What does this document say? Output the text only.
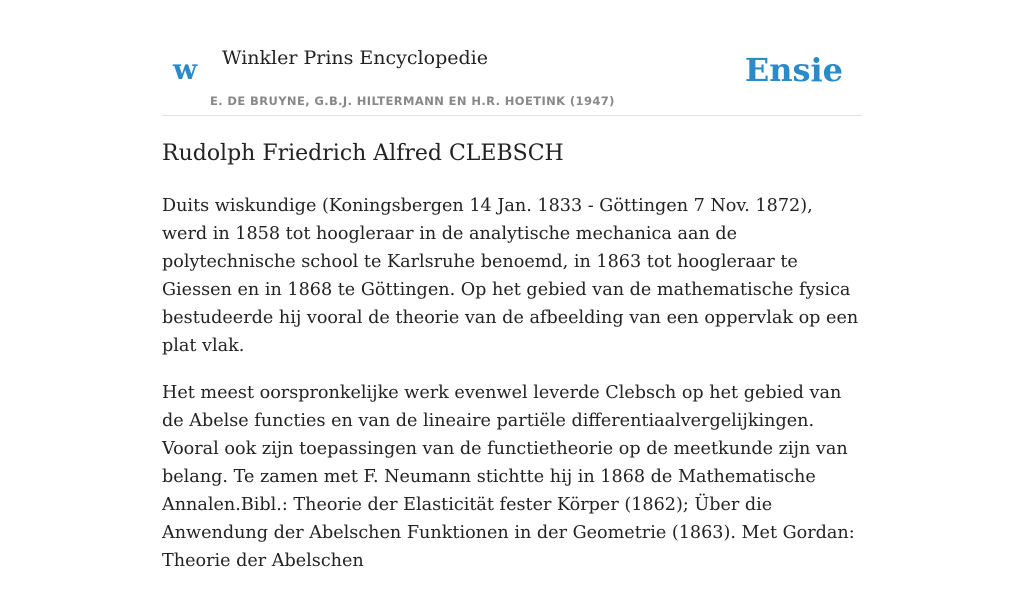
w Winkler Prins Encyclopedie
E. DE BRUYNE, G.B.J. HILTERMANN EN H.R. HOETINK (1947)
Ensie
Rudolph Friedrich Alfred CLEBSCH

Duits wiskundige (Koningsbergen 14 Jan. 1833 - Göttingen 7 Nov. 1872), werd in 1858 tot hoogleraar in de analytische mechanica aan de polytechnische school te Karlsruhe benoemd, in 1863 tot hoogleraar te Giessen en in 1868 te Göttingen. Op het gebied van de mathematische fysica bestudeerde hij vooral de theorie van de afbeelding van een oppervlak op een plat vlak.

Het meest oorspronkelijke werk evenwel leverde Clebsch op het gebied van de Abelse functies en van de lineaire partiële differentiaalvergelijkingen. Vooral ook zijn toepassingen van de functietheorie op de meetkunde zijn van belang. Te zamen met F. Neumann stichtte hij in 1868 de Mathematische Annalen.Bibl.: Theorie der Elasticität fester Körper (1862); Über die Anwendung der Abelschen Funktionen in der Geometrie (1863). Met Gordan: Theorie der Abelschen
